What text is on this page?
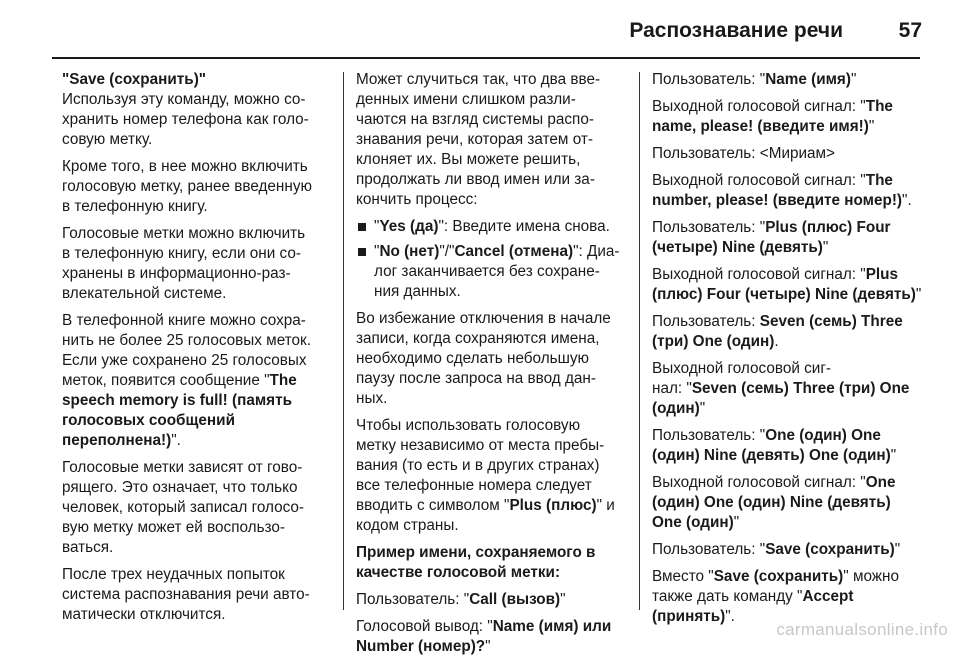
Распознавание речи	57

"Save (сохранить)"
Используя эту команду, можно со-
хранить номер телефона как голо-
совую метку.

Кроме того, в нее можно включить
голосовую метку, ранее введенную
в телефонную книгу.

Голосовые метки можно включить
в телефонную книгу, если они со-
хранены в информационно-раз-
влекательной системе.

В телефонной книге можно сохра-
нить не более 25 голосовых меток.
Если уже сохранено 25 голосовых
меток, появится сообщение "The
speech memory is full! (память
голосовых сообщений
переполнена!)".

Голосовые метки зависят от гово-
рящего. Это означает, что только
человек, который записал голосо-
вую метку может ей воспользо-
ваться.

После трех неудачных попыток
система распознавания речи авто-
матически отключится.

Может случиться так, что два вве-
денных имени слишком разли-
чаются на взгляд системы распо-
знавания речи, которая затем от-
клоняет их. Вы можете решить,
продолжать ли ввод имен или за-
кончить процесс:

"Yes (да)": Введите имена снова.
"No (нет)"/"Cancel (отмена)": Диа-
лог заканчивается без сохране-
ния данных.

Во избежание отключения в начале
записи, когда сохраняются имена,
необходимо сделать небольшую
паузу после запроса на ввод дан-
ных.

Чтобы использовать голосовую
метку независимо от места пребы-
вания (то есть и в других странах)
все телефонные номера следует
вводить с символом "Plus (плюс)" и
кодом страны.

Пример имени, сохраняемого в
качестве голосовой метки:

Пользователь: "Call (вызов)"

Голосовой вывод: "Name (имя) или
Number (номер)?"

Пользователь: "Name (имя)"

Выходной голосовой сигнал: "The
name, please! (введите имя!)"

Пользователь: <Мириам>

Выходной голосовой сигнал: "The
number, please! (введите номер!)".

Пользователь: "Plus (плюс) Four
(четыре) Nine (девять)"

Выходной голосовой сигнал: "Plus
(плюс) Four (четыре) Nine (девять)"

Пользователь: Seven (семь) Three
(три) One (один).

Выходной голосовой сиг-
нал: "Seven (семь) Three (три) One
(один)"

Пользователь: "One (один) One
(один) Nine (девять) One (один)"

Выходной голосовой сигнал: "One
(один) One (один) Nine (девять)
One (один)"

Пользователь: "Save (сохранить)"

Вместо "Save (сохранить)" можно
также дать команду "Accept
(принять)".

carmanualsonline.info
